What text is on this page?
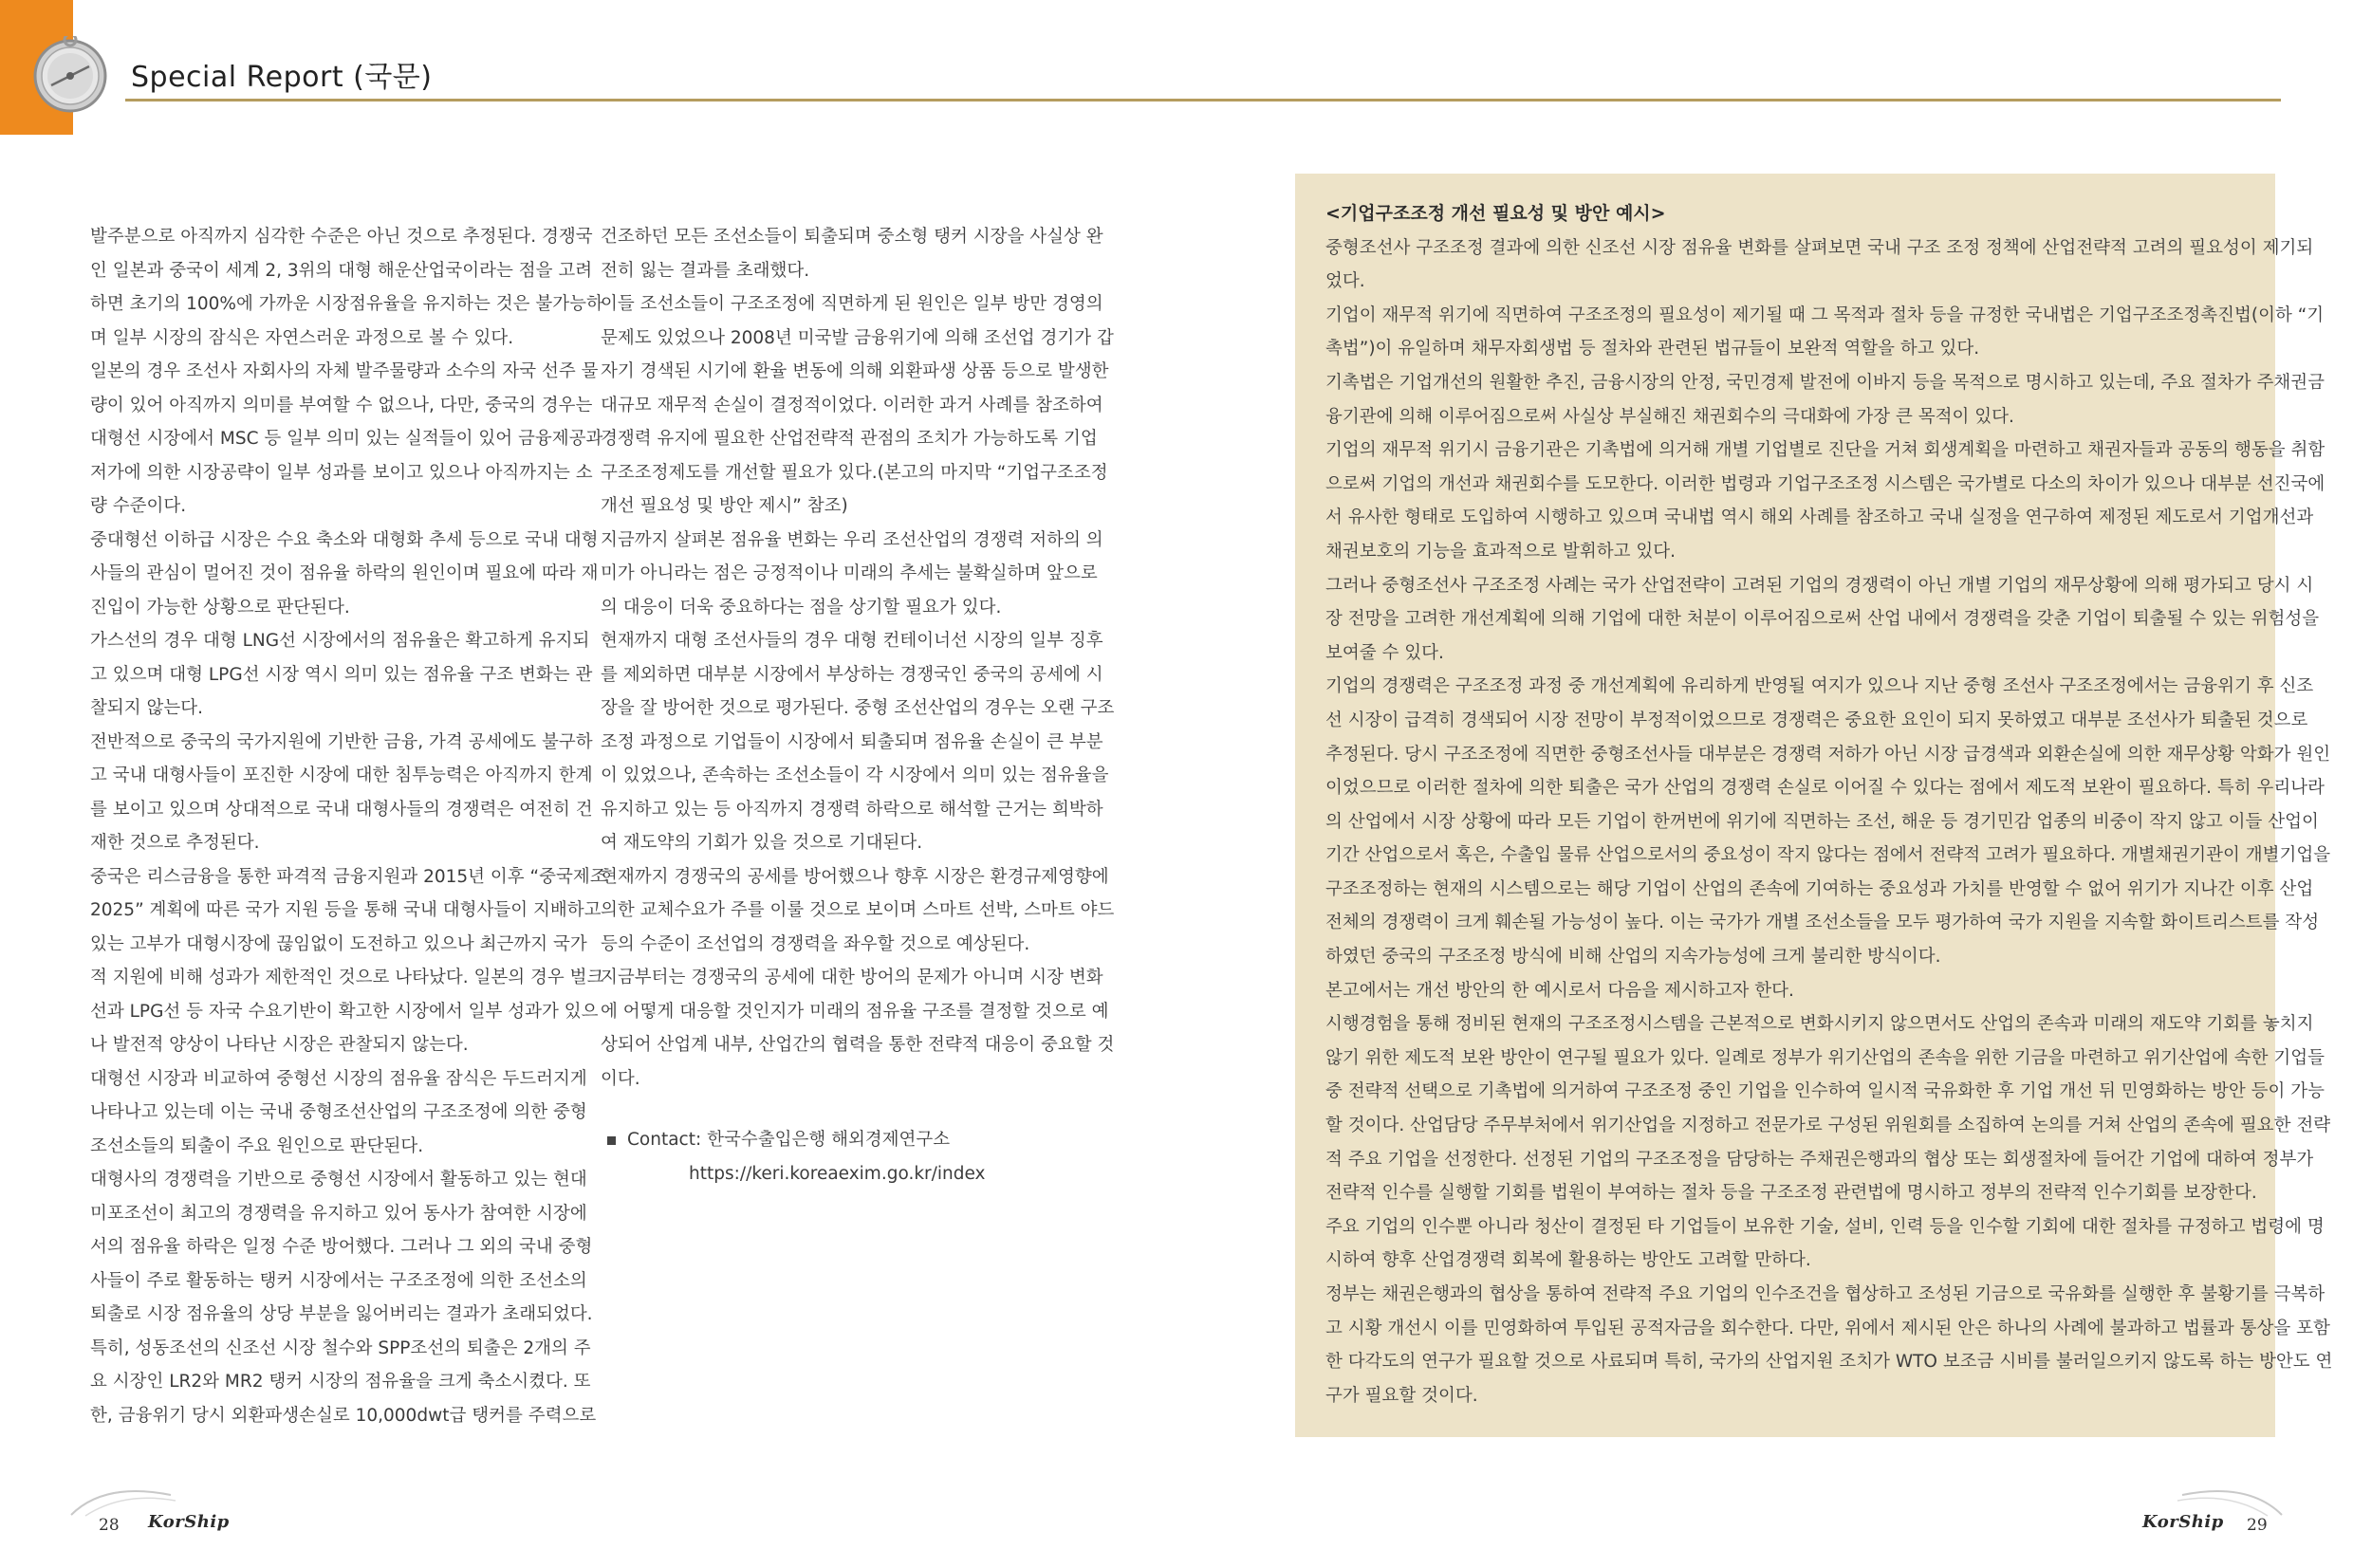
Special Report (국문)

발주분으로 아직까지 심각한 수준은 아닌 것으로 추정된다. 경쟁국

인 일본과 중국이 세계 2, 3위의 대형 해운산업국이라는 점을 고려

하면 초기의 100%에 가까운 시장점유율을 유지하는 것은 불가능하

며 일부 시장의 잠식은 자연스러운 과정으로 볼 수 있다.

일본의 경우 조선사 자회사의 자체 발주물량과 소수의 자국 선주 물

량이 있어 아직까지 의미를 부여할 수 없으나, 다만, 중국의 경우는

대형선 시장에서 MSC 등 일부 의미 있는 실적들이 있어 금융제공과

저가에 의한 시장공략이 일부 성과를 보이고 있으나 아직까지는 소

량 수준이다.

중대형선 이하급 시장은 수요 축소와 대형화 추세 등으로 국내 대형

사들의 관심이 멀어진 것이 점유율 하락의 원인이며 필요에 따라 재

진입이 가능한 상황으로 판단된다.

가스선의 경우 대형 LNG선 시장에서의 점유율은 확고하게 유지되

고 있으며 대형 LPG선 시장 역시 의미 있는 점유율 구조 변화는 관

찰되지 않는다.

전반적으로 중국의 국가지원에 기반한 금융, 가격 공세에도 불구하

고 국내 대형사들이 포진한 시장에 대한 침투능력은 아직까지 한계

를 보이고 있으며 상대적으로 국내 대형사들의 경쟁력은 여전히 건

재한 것으로 추정된다.

중국은 리스금융을 통한 파격적 금융지원과 2015년 이후 “중국제조

2025” 계획에 따른 국가 지원 등을 통해 국내 대형사들이 지배하고

있는 고부가 대형시장에 끊임없이 도전하고 있으나 최근까지 국가

적 지원에 비해 성과가 제한적인 것으로 나타났다. 일본의 경우 벌크

선과 LPG선 등 자국 수요기반이 확고한 시장에서 일부 성과가 있으

나 발전적 양상이 나타난 시장은 관찰되지 않는다.

대형선 시장과 비교하여 중형선 시장의 점유율 잠식은 두드러지게

나타나고 있는데 이는 국내 중형조선산업의 구조조정에 의한 중형

조선소들의 퇴출이 주요 원인으로 판단된다.

대형사의 경쟁력을 기반으로 중형선 시장에서 활동하고 있는 현대

미포조선이 최고의 경쟁력을 유지하고 있어 동사가 참여한 시장에

서의 점유율 하락은 일정 수준 방어했다. 그러나 그 외의 국내 중형

사들이 주로 활동하는 탱커 시장에서는 구조조정에 의한 조선소의

퇴출로 시장 점유율의 상당 부분을 잃어버리는 결과가 초래되었다.

특히, 성동조선의 신조선 시장 철수와 SPP조선의 퇴출은 2개의 주

요 시장인 LR2와 MR2 탱커 시장의 점유율을 크게 축소시켰다. 또

한, 금융위기 당시 외환파생손실로 10,000dwt급 탱커를 주력으로

건조하던 모든 조선소들이 퇴출되며 중소형 탱커 시장을 사실상 완

전히 잃는 결과를 초래했다.

이들 조선소들이 구조조정에 직면하게 된 원인은 일부 방만 경영의

문제도 있었으나 2008년 미국발 금융위기에 의해 조선업 경기가 갑

자기 경색된 시기에 환율 변동에 의해 외환파생 상품 등으로 발생한

대규모 재무적 손실이 결정적이었다. 이러한 과거 사례를 참조하여

경쟁력 유지에 필요한 산업전략적 관점의 조치가 가능하도록 기업

구조조정제도를 개선할 필요가 있다.(본고의 마지막 “기업구조조정

개선 필요성 및 방안 제시” 참조)

지금까지 살펴본 점유율 변화는 우리 조선산업의 경쟁력 저하의 의

미가 아니라는 점은 긍정적이나 미래의 추세는 불확실하며 앞으로

의 대응이 더욱 중요하다는 점을 상기할 필요가 있다.

현재까지 대형 조선사들의 경우 대형 컨테이너선 시장의 일부 징후

를 제외하면 대부분 시장에서 부상하는 경쟁국인 중국의 공세에 시

장을 잘 방어한 것으로 평가된다. 중형 조선산업의 경우는 오랜 구조

조정 과정으로 기업들이 시장에서 퇴출되며 점유율 손실이 큰 부분

이 있었으나, 존속하는 조선소들이 각 시장에서 의미 있는 점유율을

유지하고 있는 등 아직까지 경쟁력 하락으로 해석할 근거는 희박하

여 재도약의 기회가 있을 것으로 기대된다.

현재까지 경쟁국의 공세를 방어했으나 향후 시장은 환경규제영향에

의한 교체수요가 주를 이룰 것으로 보이며 스마트 선박, 스마트 야드

등의 수준이 조선업의 경쟁력을 좌우할 것으로 예상된다.

지금부터는 경쟁국의 공세에 대한 방어의 문제가 아니며 시장 변화

에 어떻게 대응할 것인지가 미래의 점유율 구조를 결정할 것으로 예

상되어 산업계 내부, 산업간의 협력을 통한 전략적 대응이 중요할 것

이다.

Contact: 한국수출입은행 해외경제연구소
https://keri.koreaexim.go.kr/index

<기업구조조정 개선 필요성 및 방안 예시>

중형조선사 구조조정 결과에 의한 신조선 시장 점유율 변화를 살펴보면 국내 구조 조정 정책에 산업전략적 고려의 필요성이 제기되

었다.

기업이 재무적 위기에 직면하여 구조조정의 필요성이 제기될 때 그 목적과 절차 등을 규정한 국내법은 기업구조조정촉진법(이하 “기

촉법”)이 유일하며 채무자회생법 등 절차와 관련된 법규들이 보완적 역할을 하고 있다.

기촉법은 기업개선의 원활한 추진, 금융시장의 안정, 국민경제 발전에 이바지 등을 목적으로 명시하고 있는데, 주요 절차가 주채권금

융기관에 의해 이루어짐으로써 사실상 부실해진 채권회수의 극대화에 가장 큰 목적이 있다.

기업의 재무적 위기시 금융기관은 기촉법에 의거해 개별 기업별로 진단을 거쳐 회생계획을 마련하고 채권자들과 공동의 행동을 취함

으로써 기업의 개선과 채권회수를 도모한다. 이러한 법령과 기업구조조정 시스템은 국가별로 다소의 차이가 있으나 대부분 선진국에

서 유사한 형태로 도입하여 시행하고 있으며 국내법 역시 해외 사례를 참조하고 국내 실정을 연구하여 제정된 제도로서 기업개선과

채권보호의 기능을 효과적으로 발휘하고 있다.

그러나 중형조선사 구조조정 사례는 국가 산업전략이 고려된 기업의 경쟁력이 아닌 개별 기업의 재무상황에 의해 평가되고 당시 시

장 전망을 고려한 개선계획에 의해 기업에 대한 처분이 이루어짐으로써 산업 내에서 경쟁력을 갖춘 기업이 퇴출될 수 있는 위험성을

보여줄 수 있다.

기업의 경쟁력은 구조조정 과정 중 개선계획에 유리하게 반영될 여지가 있으나 지난 중형 조선사 구조조정에서는 금융위기 후 신조

선 시장이 급격히 경색되어 시장 전망이 부정적이었으므로 경쟁력은 중요한 요인이 되지 못하였고 대부분 조선사가 퇴출된 것으로

추정된다. 당시 구조조정에 직면한 중형조선사들 대부분은 경쟁력 저하가 아닌 시장 급경색과 외환손실에 의한 재무상황 악화가 원인

이었으므로 이러한 절차에 의한 퇴출은 국가 산업의 경쟁력 손실로 이어질 수 있다는 점에서 제도적 보완이 필요하다. 특히 우리나라

의 산업에서 시장 상황에 따라 모든 기업이 한꺼번에 위기에 직면하는 조선, 해운 등 경기민감 업종의 비중이 작지 않고 이들 산업이

기간 산업으로서 혹은, 수출입 물류 산업으로서의 중요성이 작지 않다는 점에서 전략적 고려가 필요하다. 개별채권기관이 개별기업을

구조조정하는 현재의 시스템으로는 해당 기업이 산업의 존속에 기여하는 중요성과 가치를 반영할 수 없어 위기가 지나간 이후 산업

전체의 경쟁력이 크게 훼손될 가능성이 높다. 이는 국가가 개별 조선소들을 모두 평가하여 국가 지원을 지속할 화이트리스트를 작성

하였던 중국의 구조조정 방식에 비해 산업의 지속가능성에 크게 불리한 방식이다.

본고에서는 개선 방안의 한 예시로서 다음을 제시하고자 한다.

시행경험을 통해 정비된 현재의 구조조정시스템을 근본적으로 변화시키지 않으면서도 산업의 존속과 미래의 재도약 기회를 놓치지

않기 위한 제도적 보완 방안이 연구될 필요가 있다. 일례로 정부가 위기산업의 존속을 위한 기금을 마련하고 위기산업에 속한 기업들

중 전략적 선택으로 기촉법에 의거하여 구조조정 중인 기업을 인수하여 일시적 국유화한 후 기업 개선 뒤 민영화하는 방안 등이 가능

할 것이다. 산업담당 주무부처에서 위기산업을 지정하고 전문가로 구성된 위원회를 소집하여 논의를 거쳐 산업의 존속에 필요한 전략

적 주요 기업을 선정한다. 선정된 기업의 구조조정을 담당하는 주채권은행과의 협상 또는 회생절차에 들어간 기업에 대하여 정부가

전략적 인수를 실행할 기회를 법원이 부여하는 절차 등을 구조조정 관련법에 명시하고 정부의 전략적 인수기회를 보장한다.

주요 기업의 인수뿐 아니라 청산이 결정된 타 기업들이 보유한 기술, 설비, 인력 등을 인수할 기회에 대한 절차를 규정하고 법령에 명

시하여 향후 산업경쟁력 회복에 활용하는 방안도 고려할 만하다.

정부는 채권은행과의 협상을 통하여 전략적 주요 기업의 인수조건을 협상하고 조성된 기금으로 국유화를 실행한 후 불황기를 극복하

고 시황 개선시 이를 민영화하여 투입된 공적자금을 회수한다. 다만, 위에서 제시된 안은 하나의 사례에 불과하고 법률과 통상을 포함

한 다각도의 연구가 필요할 것으로 사료되며 특히, 국가의 산업지원 조치가 WTO 보조금 시비를 불러일으키지 않도록 하는 방안도 연

구가 필요할 것이다.

28 KorShip	KorShip 29
